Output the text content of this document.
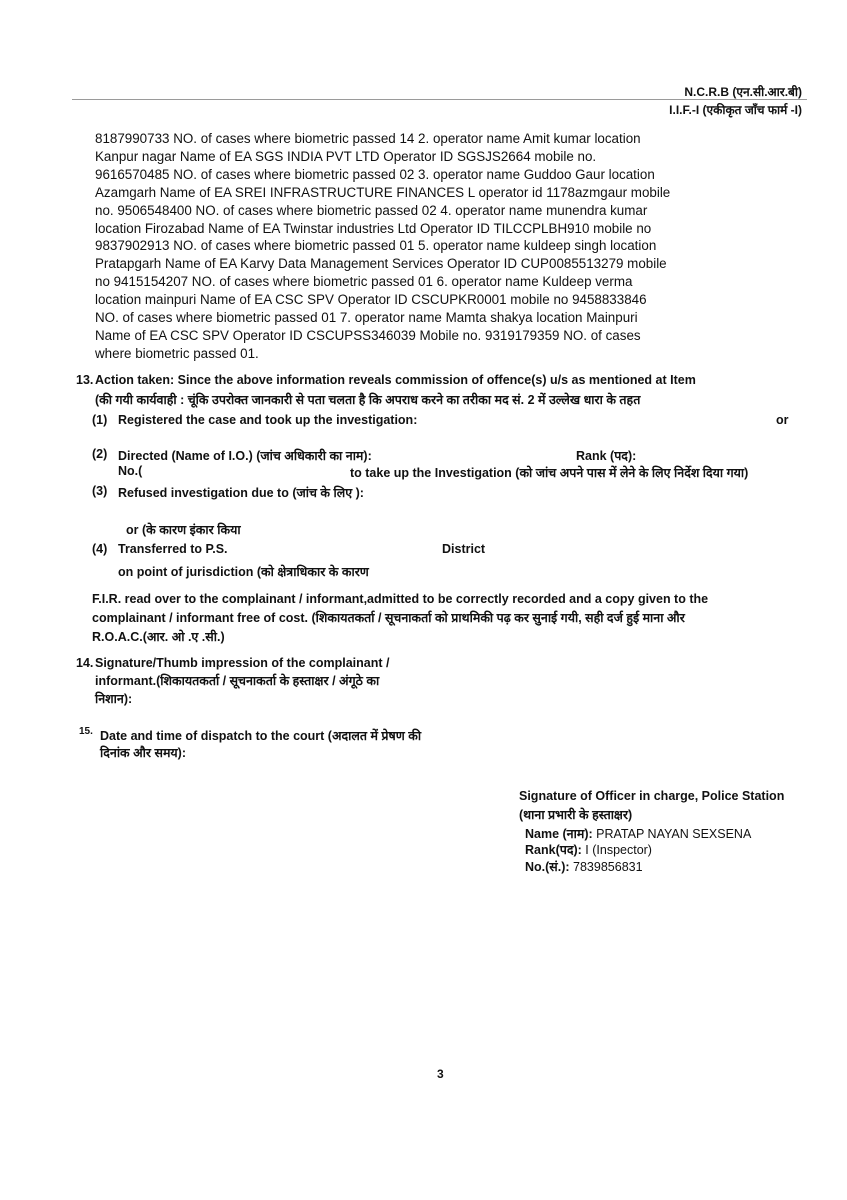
N.C.R.B (एन.सी.आर.बी)
I.I.F.-I (एकीकृत जाँच फार्म -I)
8187990733 NO. of cases where biometric passed 14 2. operator name Amit kumar location
Kanpur nagar Name of EA SGS INDIA PVT LTD Operator ID SGSJS2664 mobile no.
9616570485 NO. of cases where biometric passed 02 3. operator name Guddoo Gaur location
Azamgarh Name of EA SREI INFRASTRUCTURE FINANCES L operator id 1178azmgaur mobile
no. 9506548400 NO. of cases where biometric passed 02 4. operator name munendra kumar
location Firozabad Name of EA Twinstar industries Ltd Operator ID TILCCPLBH910 mobile no
9837902913 NO. of cases where biometric passed 01 5. operator name kuldeep singh location
Pratapgarh Name of EA Karvy Data Management Services Operator ID CUP0085513279 mobile
no 9415154207 NO. of cases where biometric passed 01 6. operator name Kuldeep verma
location mainpuri Name of EA CSC SPV Operator ID CSCUPKR0001 mobile no 9458833846
NO. of cases where biometric passed 01 7. operator name Mamta shakya location Mainpuri
Name of EA CSC SPV Operator ID CSCUPSS346039 Mobile no. 9319179359 NO. of cases
where biometric passed 01.
13. Action taken: Since the above information reveals commission of offence(s) u/s as mentioned at Item
(की गयी कार्यवाही : चूंकि उपरोक्त जानकारी से पता चलता है कि अपराध करने का तरीका मद सं. 2 में उल्लेख धारा के तहत
(1) Registered the case and took up the investigation:	or
(2) Directed (Name of I.O.) (जांच अधिकारी का नाम):	Rank (पद):
No.(	to take up the Investigation (को जांच अपने पास में लेने के लिए निर्देश दिया गया)
(3) Refused investigation due to (जांच के लिए ):
or (के कारण इंकार किया
(4) Transferred to P.S.	District
on point of jurisdiction (को क्षेत्राधिकार के कारण
F.I.R. read over to the complainant / informant,admitted to be correctly recorded and a copy given to the
complainant / informant free of cost. (शिकायतकर्ता / सूचनाकर्ता को प्राथमिकी पढ़ कर सुनाई गयी, सही दर्ज हुई माना और
R.O.A.C.(आर. ओ .ए .सी.)
14. Signature/Thumb impression of the complainant /
informant.(शिकायतकर्ता / सूचनाकर्ता के हस्ताक्षर / अंगूठे का
निशान):
15. Date and time of dispatch to the court (अदालत में प्रेषण की
दिनांक और समय):
Signature of Officer in charge, Police Station
(थाना प्रभारी के हस्ताक्षर)
Name (नाम): PRATAP NAYAN SEXSENA
Rank(पद): I (Inspector)
No.(सं.): 7839856831
3
